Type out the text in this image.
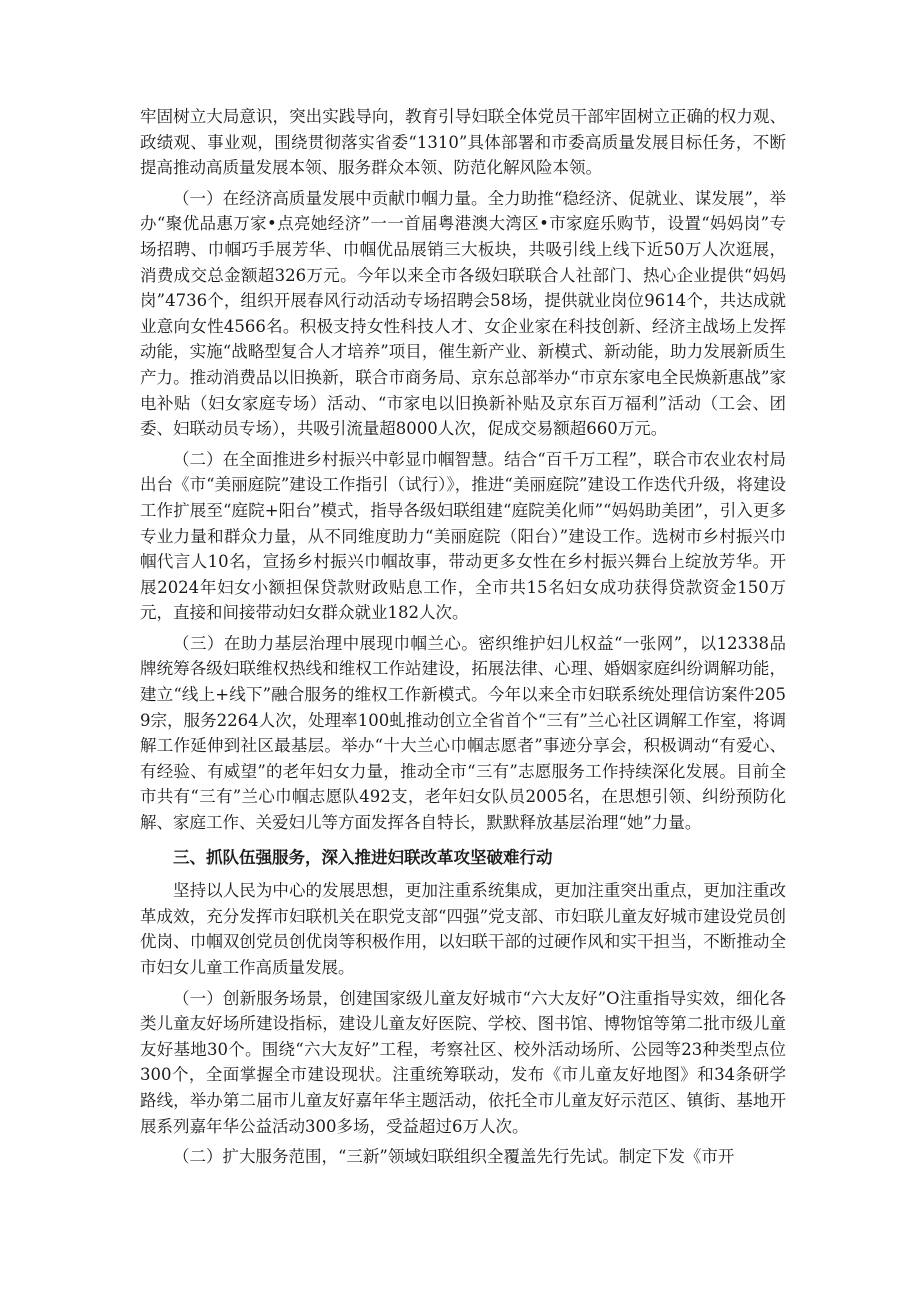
牢固树立大局意识，突出实践导向，教育引导妇联全体党员干部牢固树立正确的权力观、政绩观、事业观，围绕贯彻落实省委“1310”具体部署和市委高质量发展目标任务，不断提高推动高质量发展本领、服务群众本领、防范化解风险本领。

（一）在经济高质量发展中贡献巾帼力量。全力助推“稳经济、促就业、谋发展”，举办“聚优品惠万家•点亮她经济”一一首届粤港澳大湾区•市家庭乐购节，设置“妈妈岗”专场招聘、巾帼巧手展芳华、巾帼优品展销三大板块，共吸引线上线下近50万人次逛展，消费成交总金额超326万元。今年以来全市各级妇联联合人社部门、热心企业提供“妈妈岗”4736个，组织开展春风行动活动专场招聘会58场，提供就业岗位9614个，共达成就业意向女性4566名。积极支持女性科技人才、女企业家在科技创新、经济主战场上发挥动能，实施“战略型复合人才培养”项目，催生新产业、新模式、新动能，助力发展新质生产力。推动消费品以旧换新，联合市商务局、京东总部举办“市京东家电全民焕新惠战”家电补贴（妇女家庭专场）活动、“市家电以旧换新补贴及京东百万福利”活动（工会、团委、妇联动员专场），共吸引流量超8000人次，促成交易额超660万元。

（二）在全面推进乡村振兴中彰显巾帼智慧。结合“百千万工程”，联合市农业农村局出台《市“美丽庭院”建设工作指引（试行）》，推进“美丽庭院”建设工作迭代升级，将建设工作扩展至“庭院+阳台”模式，指导各级妇联组建“庭院美化师”“妈妈助美团”，引入更多专业力量和群众力量，从不同维度助力“美丽庭院（阳台）”建设工作。选树市乡村振兴巾帼代言人10名，宣扬乡村振兴巾帼故事，带动更多女性在乡村振兴舞台上绽放芳华。开展2024年妇女小额担保贷款财政贴息工作，全市共15名妇女成功获得贷款资金150万元，直接和间接带动妇女群众就业182人次。

（三）在助力基层治理中展现巾帼兰心。密织维护妇儿权益“一张网”，以12338品牌统筹各级妇联维权热线和维权工作站建设，拓展法律、心理、婚姻家庭纠纷调解功能，建立“线上+线下”融合服务的维权工作新模式。今年以来全市妇联系统处理信访案件2059宗，服务2264人次，处理率100虬推动创立全省首个“三有”兰心社区调解工作室，将调解工作延伸到社区最基层。举办“十大兰心巾帼志愿者”事迹分享会，积极调动“有爱心、有经验、有威望”的老年妇女力量，推动全市“三有”志愿服务工作持续深化发展。目前全市共有“三有”兰心巾帼志愿队492支，老年妇女队员2005名，在思想引领、纠纷预防化解、家庭工作、关爱妇儿等方面发挥各自特长，默默释放基层治理“她”力量。

三、抓队伍强服务，深入推进妇联改革攻坚破难行动

坚持以人民为中心的发展思想，更加注重系统集成，更加注重突出重点，更加注重改革成效，充分发挥市妇联机关在职党支部“四强”党支部、市妇联儿童友好城市建设党员创优岗、巾帼双创党员创优岗等积极作用，以妇联干部的过硬作风和实干担当，不断推动全市妇女儿童工作高质量发展。

（一）创新服务场景，创建国家级儿童友好城市“六大友好”O注重指导实效，细化各类儿童友好场所建设指标，建设儿童友好医院、学校、图书馆、博物馆等第二批市级儿童友好基地30个。围绕“六大友好”工程，考察社区、校外活动场所、公园等23种类型点位300个，全面掌握全市建设现状。注重统筹联动，发布《市儿童友好地图》和34条研学路线，举办第二届市儿童友好嘉年华主题活动，依托全市儿童友好示范区、镇街、基地开展系列嘉年华公益活动300多场，受益超过6万人次。

（二）扩大服务范围，“三新”领域妇联组织全覆盖先行先试。制定下发《市开
